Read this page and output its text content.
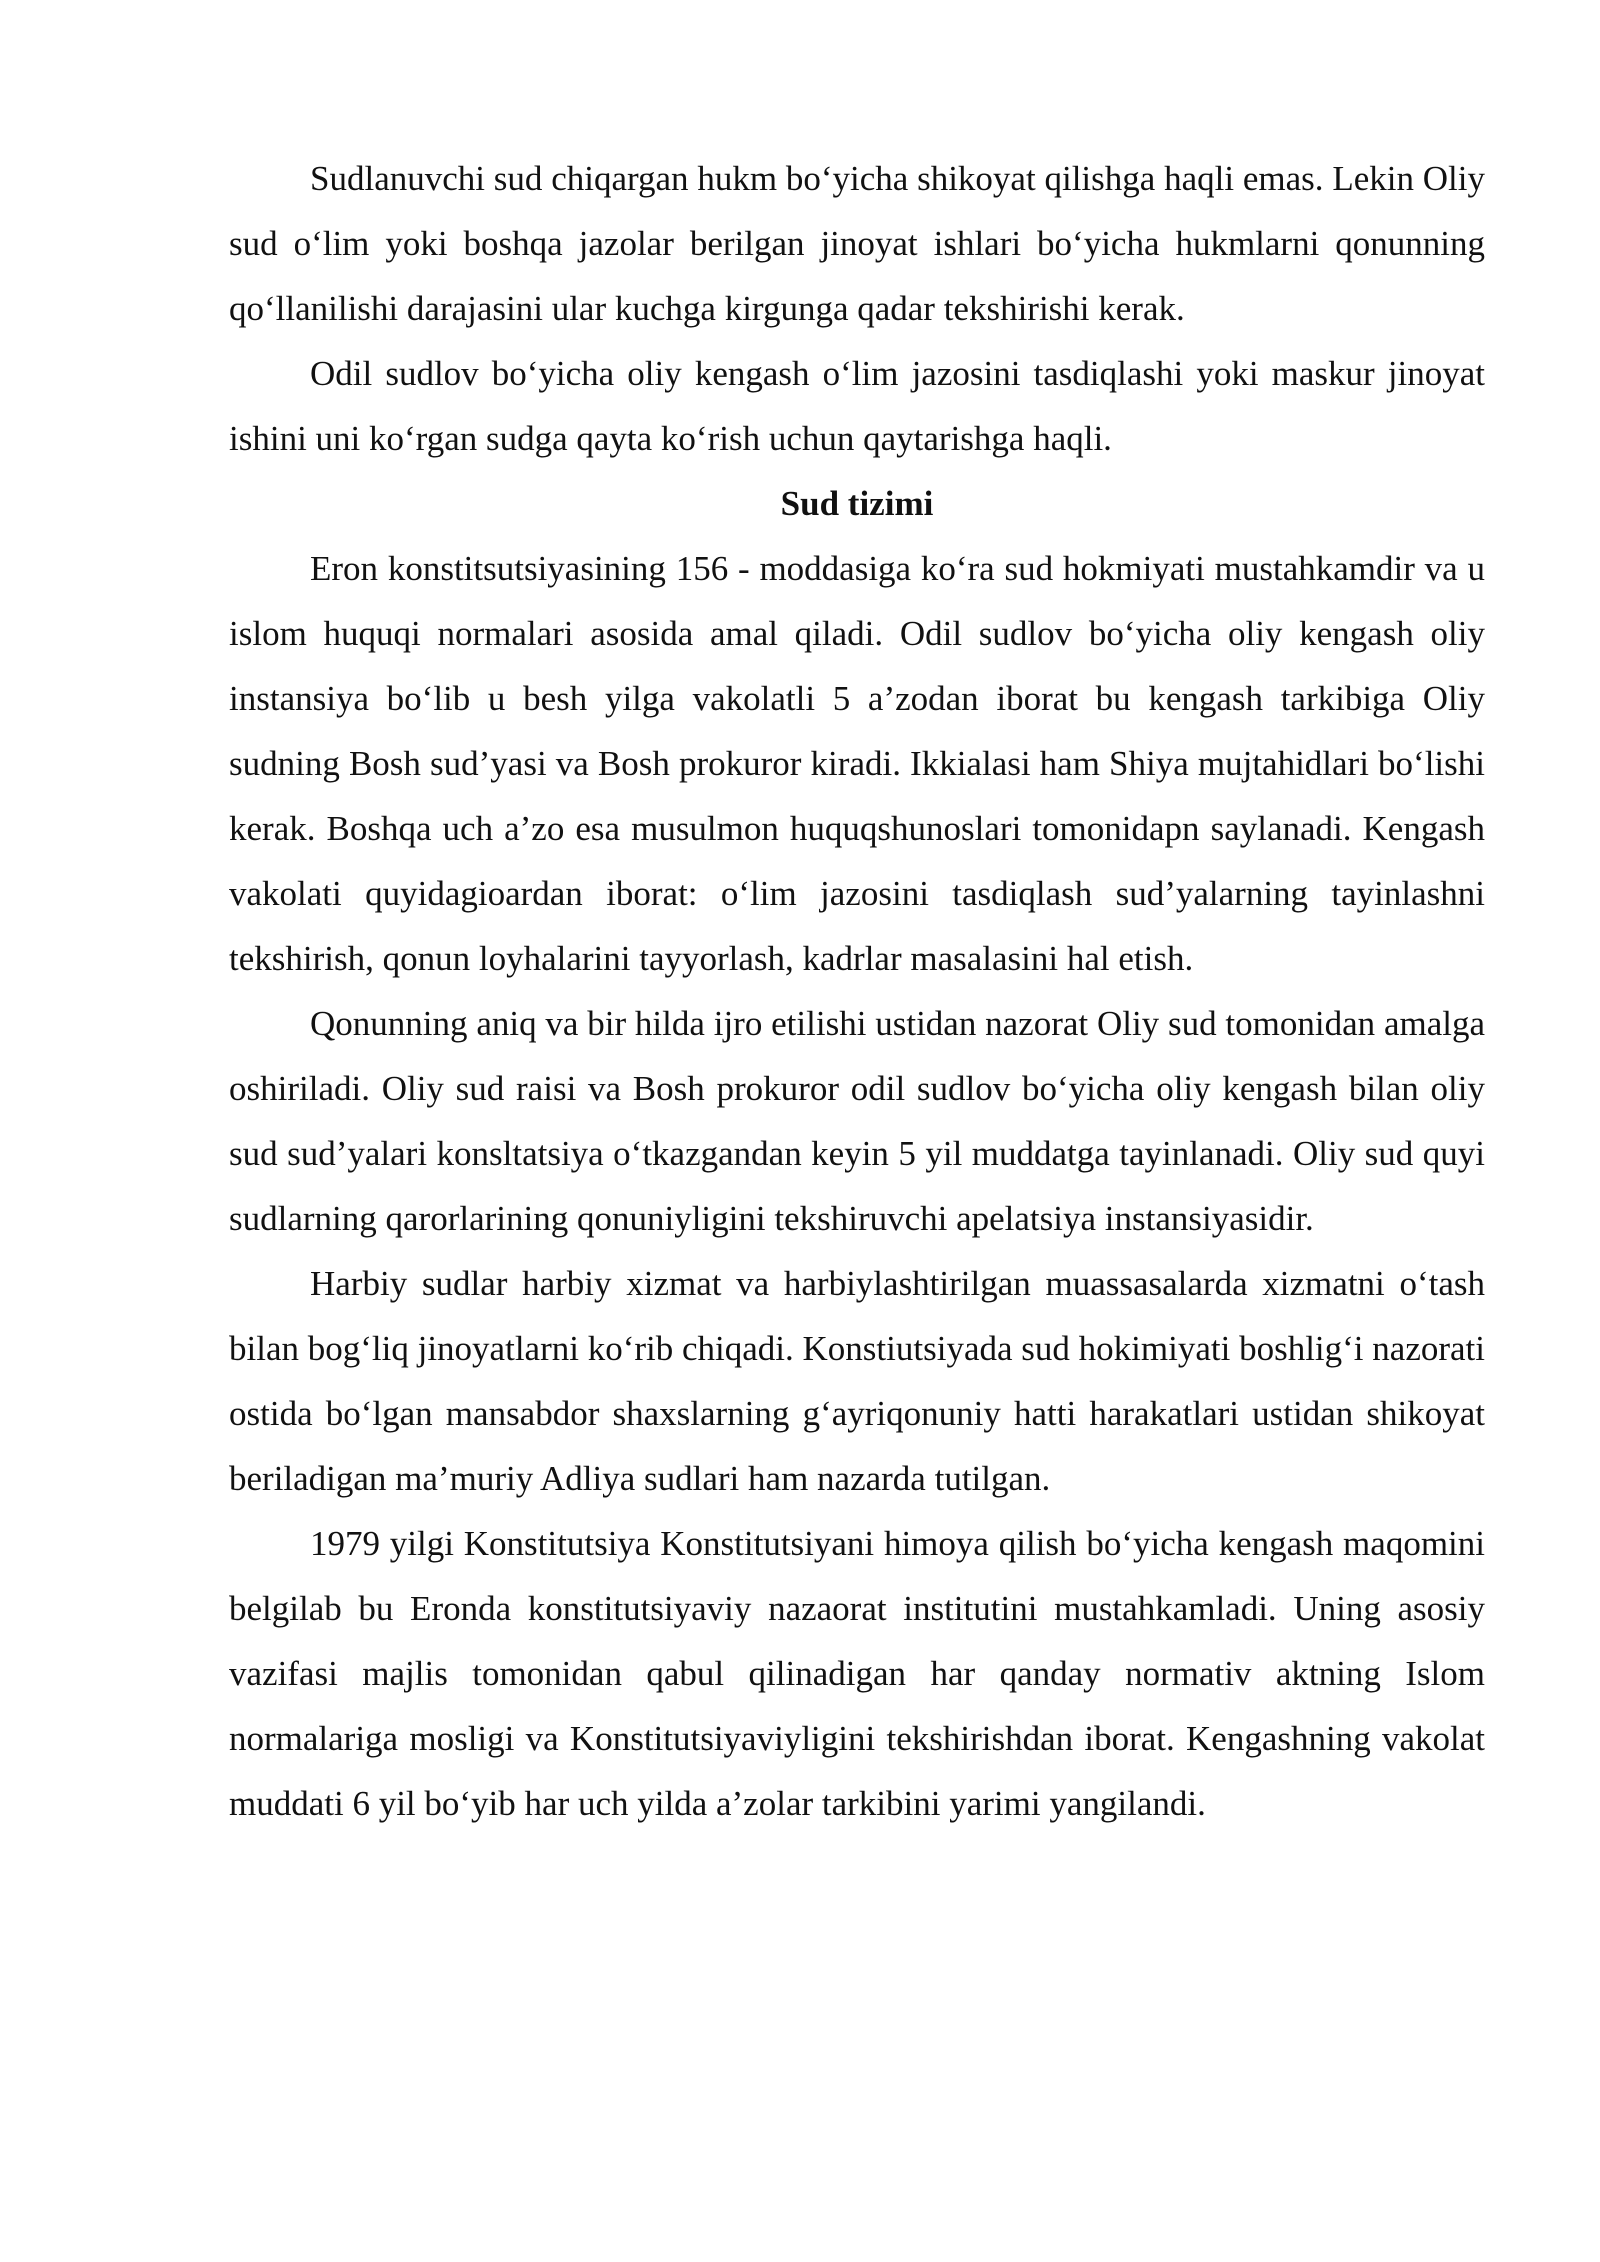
Sudlanuvchi sud chiqargan hukm bo‘yicha shikoyat qilishga haqli emas. Lekin Oliy sud o‘lim yoki boshqa jazolar berilgan jinoyat ishlari bo‘yicha hukmlarni qonunning qo‘llanilishi darajasini ular kuchga kirgunga qadar tekshirishi kerak.

Odil sudlov bo‘yicha oliy kengash o‘lim jazosini tasdiqlashi yoki maskur jinoyat ishini uni ko‘rgan sudga qayta ko‘rish uchun qaytarishga haqli.

Sud tizimi

Eron konstitsutsiyasining 156 - moddasiga ko‘ra sud hokmiyati mustahkamdir va u islom huquqi normalari asosida amal qiladi. Odil sudlov bo‘yicha oliy kengash oliy instansiya bo‘lib u besh yilga vakolatli 5 a’zodan iborat bu kengash tarkibiga Oliy sudning Bosh sud’yasi va Bosh prokuror kiradi. Ikkialasi ham Shiya mujtahidlari bo‘lishi kerak. Boshqa uch a’zo esa musulmon huquqshunoslari tomonidapn saylanadi. Kengash vakolati quyidagioardan iborat: o‘lim jazosini tasdiqlash sud’yalarning tayinlashni tekshirish, qonun loyhalarini tayyorlash, kadrlar masalasini hal etish.

Qonunning aniq va bir hilda ijro etilishi ustidan nazorat Oliy sud tomonidan amalga oshiriladi. Oliy sud raisi va Bosh prokuror odil sudlov bo‘yicha oliy kengash bilan oliy sud sud’yalari konsltatsiya o‘tkazgandan keyin 5 yil muddatga tayinlanadi. Oliy sud quyi sudlarning qarorlarining qonuniyligini tekshiruvchi apelatsiya instansiyasidir.

Harbiy sudlar harbiy xizmat va harbiylashtirilgan muassasalarda xizmatni o‘tash bilan bog‘liq jinoyatlarni ko‘rib chiqadi. Konstiutsiyada sud hokimiyati boshlig‘i nazorati ostida bo‘lgan mansabdor shaxslarning g‘ayriqonuniy hatti harakatlari ustidan shikoyat beriladigan ma’muriy Adliya sudlari ham nazarda tutilgan.

1979 yilgi Konstitutsiya Konstitutsiyani himoya qilish bo‘yicha kengash maqomini belgilab bu Eronda konstitutsiyaviy nazaorat institutini mustahkamladi. Uning asosiy vazifasi majlis tomonidan qabul qilinadigan har qanday normativ aktning Islom normalariga mosligi va Konstitutsiyaviyligini tekshirishdan iborat. Kengashning vakolat muddati 6 yil bo‘yib har uch yilda a’zolar tarkibini yarimi yangilandi.
